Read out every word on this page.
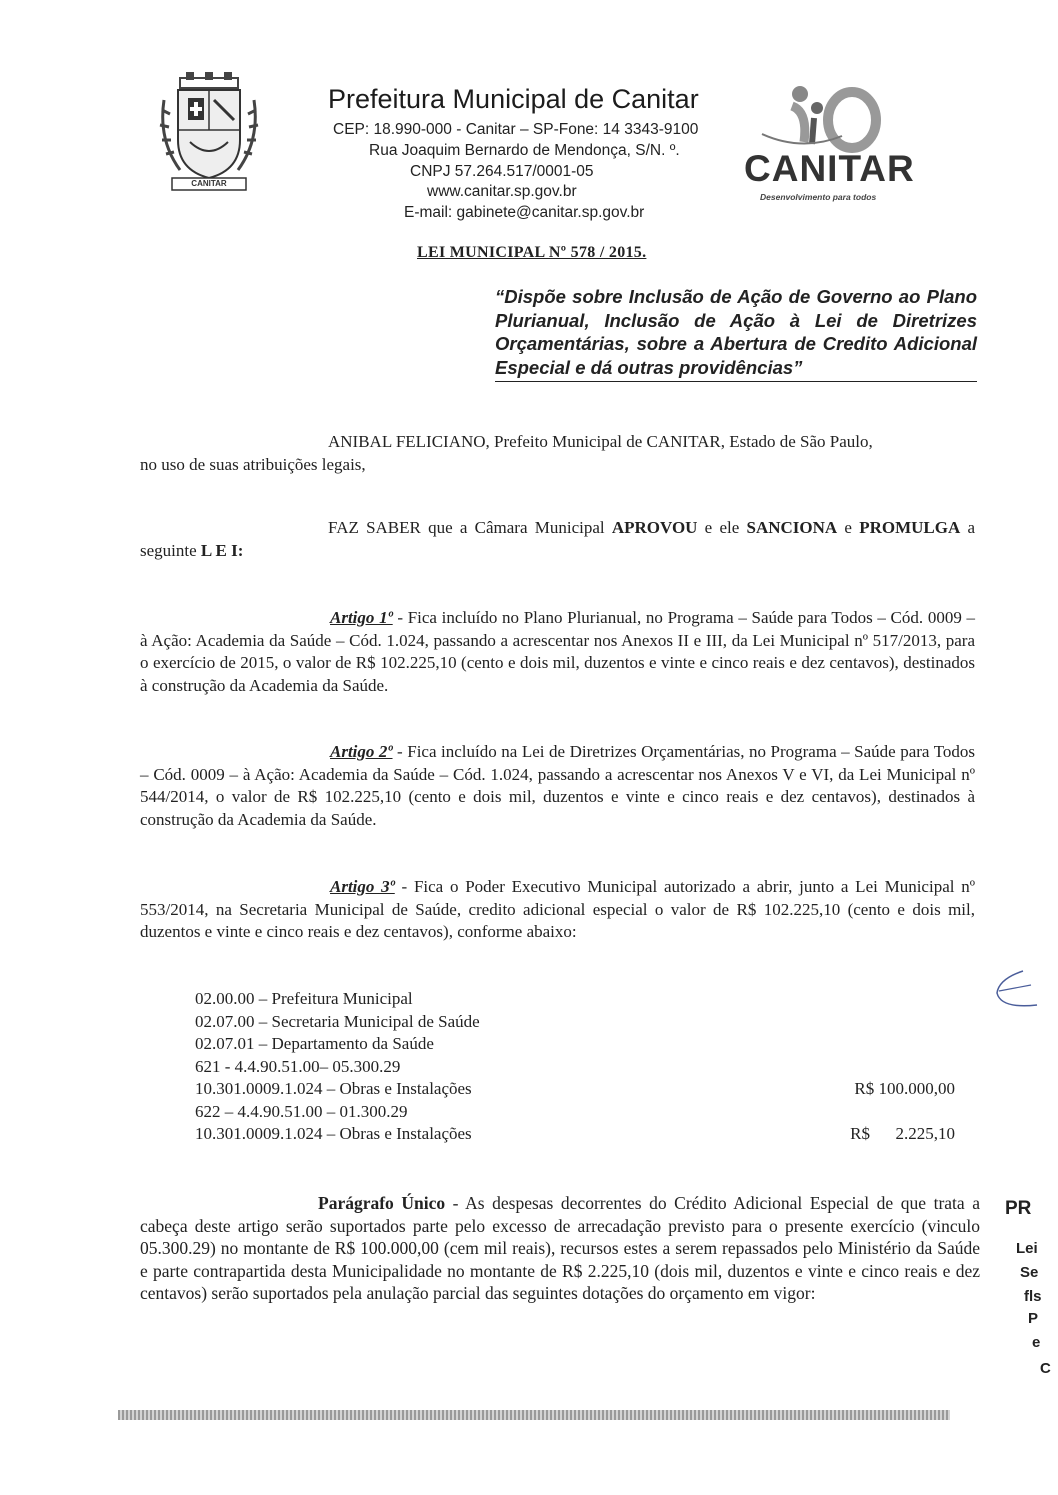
CANITAR
Prefeitura Municipal de Canitar
CEP: 18.990-000 - Canitar – SP-Fone: 14 3343-9100
Rua Joaquim Bernardo de Mendonça, S/N. º.
CNPJ 57.264.517/0001-05
www.canitar.sp.gov.br
E-mail: gabinete@canitar.sp.gov.br
CANITAR
Desenvolvimento para todos
LEI MUNICIPAL Nº 578 / 2015.
“Dispõe sobre Inclusão de Ação de Governo ao Plano Plurianual, Inclusão de Ação à Lei de Diretrizes Orçamentárias, sobre a Abertura de Credito Adicional Especial e dá outras providências”
ANIBAL FELICIANO, Prefeito Municipal de CANITAR, Estado de São Paulo,
no uso de suas atribuições legais,
FAZ SABER que a Câmara Municipal APROVOU e ele SANCIONA e PROMULGA a seguinte L E I:
Artigo 1º - Fica incluído no Plano Plurianual, no Programa – Saúde para Todos – Cód. 0009 – à Ação: Academia da Saúde – Cód. 1.024, passando a acrescentar nos Anexos II e III, da Lei Municipal nº 517/2013, para o exercício de 2015, o valor de R$ 102.225,10 (cento e dois mil, duzentos e vinte e cinco reais e dez centavos), destinados à construção da Academia da Saúde.
Artigo 2º - Fica incluído na Lei de Diretrizes Orçamentárias, no Programa – Saúde para Todos – Cód. 0009 – à Ação: Academia da Saúde – Cód. 1.024, passando a acrescentar nos Anexos V e VI, da Lei Municipal nº 544/2014, o valor de R$ 102.225,10 (cento e dois mil, duzentos e vinte e cinco reais e dez centavos), destinados à construção da Academia da Saúde.
Artigo 3º - Fica o Poder Executivo Municipal autorizado a abrir, junto a Lei Municipal nº 553/2014, na Secretaria Municipal de Saúde, credito adicional especial o valor de R$ 102.225,10 (cento e dois mil, duzentos e vinte e cinco reais e dez centavos), conforme abaixo:
02.00.00 – Prefeitura Municipal
02.07.00 – Secretaria Municipal de Saúde
02.07.01 – Departamento da Saúde
621 - 4.4.90.51.00– 05.300.29
10.301.0009.1.024 – Obras e Instalações	R$ 100.000,00
622 – 4.4.90.51.00 – 01.300.29
10.301.0009.1.024 – Obras e Instalações	R$      2.225,10
Parágrafo Único - As despesas decorrentes do Crédito Adicional Especial de que trata a cabeça deste artigo serão suportados parte pelo excesso de arrecadação previsto para o presente exercício (vinculo 05.300.29) no montante de R$ 100.000,00 (cem mil reais), recursos estes a serem repassados pelo Ministério da Saúde e parte contrapartida desta Municipalidade no montante de R$ 2.225,10 (dois mil, duzentos e vinte e cinco reais e dez centavos) serão suportados pela anulação parcial das seguintes dotações do orçamento em vigor:
PR
Lei
Se
fls
P
e
C
